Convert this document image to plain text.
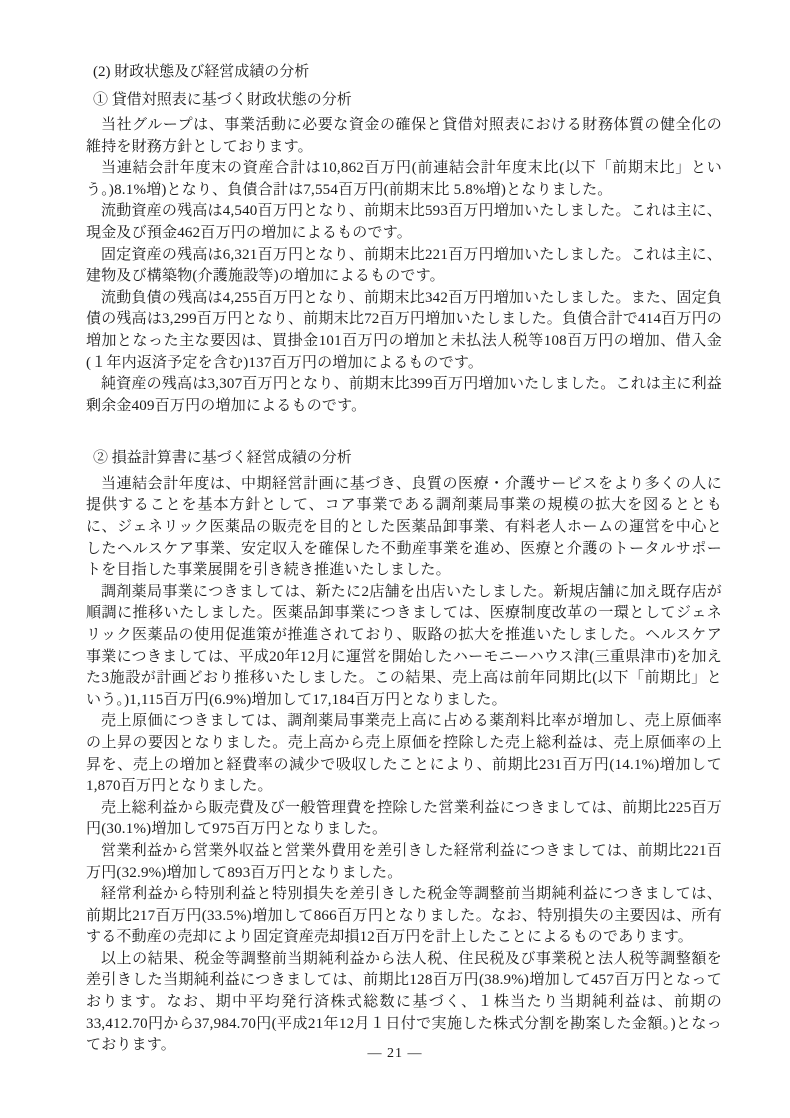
(2) 財政状態及び経営成績の分析
① 貸借対照表に基づく財政状態の分析

当社グループは、事業活動に必要な資金の確保と貸借対照表における財務体質の健全化の維持を財務方針としております。

当連結会計年度末の資産合計は10,862百万円(前連結会計年度末比(以下「前期末比」という。)8.1%増)となり、負債合計は7,554百万円(前期末比 5.8%増)となりました。

流動資産の残高は4,540百万円となり、前期末比593百万円増加いたしました。これは主に、現金及び預金462百万円の増加によるものです。

固定資産の残高は6,321百万円となり、前期末比221百万円増加いたしました。これは主に、建物及び構築物(介護施設等)の増加によるものです。

流動負債の残高は4,255百万円となり、前期末比342百万円増加いたしました。また、固定負債の残高は3,299百万円となり、前期末比72百万円増加いたしました。負債合計で414百万円の増加となった主な要因は、買掛金101百万円の増加と未払法人税等108百万円の増加、借入金(１年内返済予定を含む)137百万円の増加によるものです。

純資産の残高は3,307百万円となり、前期末比399百万円増加いたしました。これは主に利益剰余金409百万円の増加によるものです。

② 損益計算書に基づく経営成績の分析

当連結会計年度は、中期経営計画に基づき、良質の医療・介護サービスをより多くの人に提供することを基本方針として、コア事業である調剤薬局事業の規模の拡大を図るとともに、ジェネリック医薬品の販売を目的とした医薬品卸事業、有料老人ホームの運営を中心としたヘルスケア事業、安定収入を確保した不動産事業を進め、医療と介護のトータルサポートを目指した事業展開を引き続き推進いたしました。

調剤薬局事業につきましては、新たに2店舗を出店いたしました。新規店舗に加え既存店が順調に推移いたしました。医薬品卸事業につきましては、医療制度改革の一環としてジェネリック医薬品の使用促進策が推進されており、販路の拡大を推進いたしました。ヘルスケア事業につきましては、平成20年12月に運営を開始したハーモニーハウス津(三重県津市)を加えた3施設が計画どおり推移いたしました。この結果、売上高は前年同期比(以下「前期比」という。)1,115百万円(6.9%)増加して17,184百万円となりました。

売上原価につきましては、調剤薬局事業売上高に占める薬剤料比率が増加し、売上原価率の上昇の要因となりました。売上高から売上原価を控除した売上総利益は、売上原価率の上昇を、売上の増加と経費率の減少で吸収したことにより、前期比231百万円(14.1%)増加して1,870百万円となりました。

売上総利益から販売費及び一般管理費を控除した営業利益につきましては、前期比225百万円(30.1%)増加して975百万円となりました。

営業利益から営業外収益と営業外費用を差引きした経常利益につきましては、前期比221百万円(32.9%)増加して893百万円となりました。

経常利益から特別利益と特別損失を差引きした税金等調整前当期純利益につきましては、前期比217百万円(33.5%)増加して866百万円となりました。なお、特別損失の主要因は、所有する不動産の売却により固定資産売却損12百万円を計上したことによるものであります。

以上の結果、税金等調整前当期純利益から法人税、住民税及び事業税と法人税等調整額を差引きした当期純利益につきましては、前期比128百万円(38.9%)増加して457百万円となっております。なお、期中平均発行済株式総数に基づく、１株当たり当期純利益は、前期の33,412.70円から37,984.70円(平成21年12月１日付で実施した株式分割を勘案した金額。)となっております。

― 21 ―
